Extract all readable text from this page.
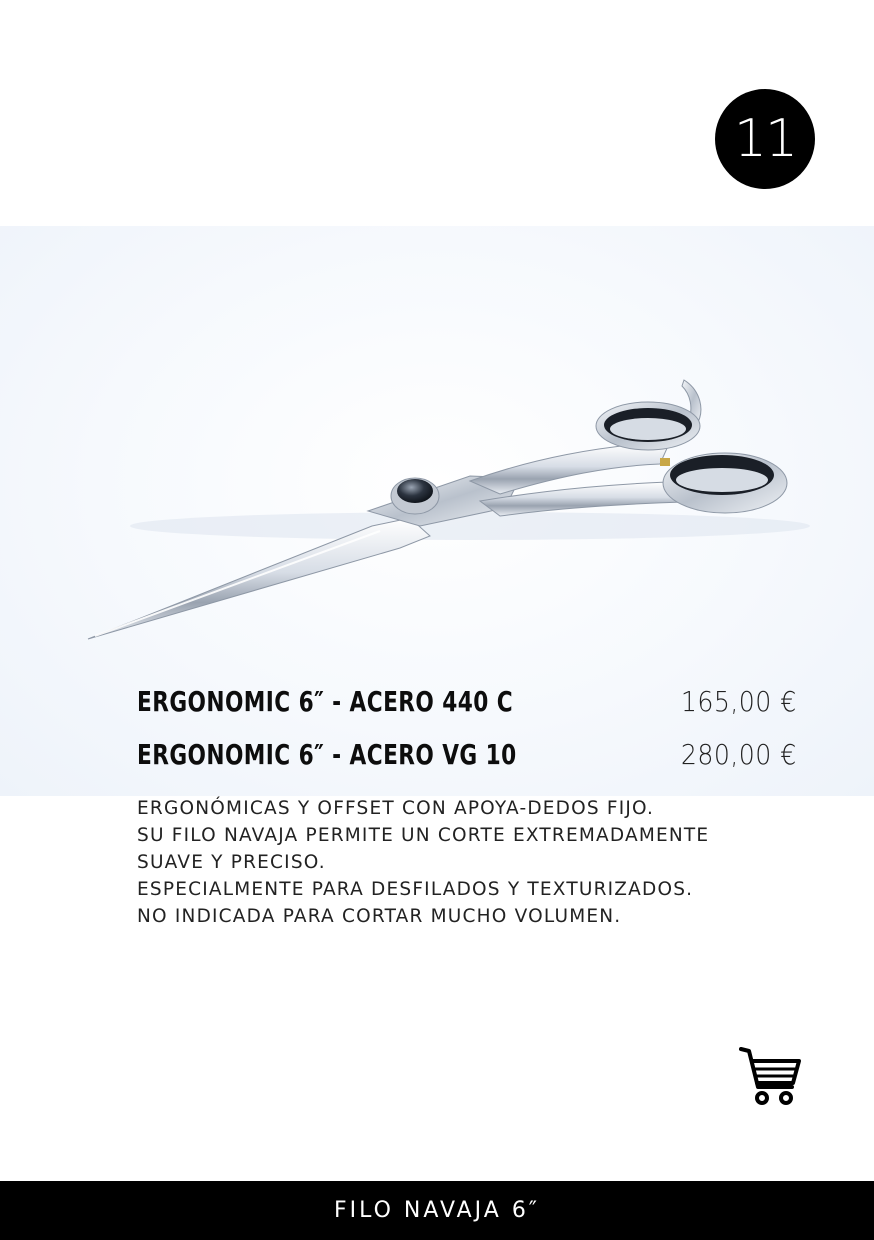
11
ERGONOMIC 6″ - ACERO 440 C	165,00 €
ERGONOMIC 6″ - ACERO VG 10	280,00 €
ERGONÓMICAS Y OFFSET CON APOYA-DEDOS FIJO.
SU FILO NAVAJA PERMITE UN CORTE EXTREMADAMENTE
SUAVE Y PRECISO.
ESPECIALMENTE PARA DESFILADOS Y TEXTURIZADOS.
NO INDICADA PARA CORTAR MUCHO VOLUMEN.
FILO NAVAJA 6″
